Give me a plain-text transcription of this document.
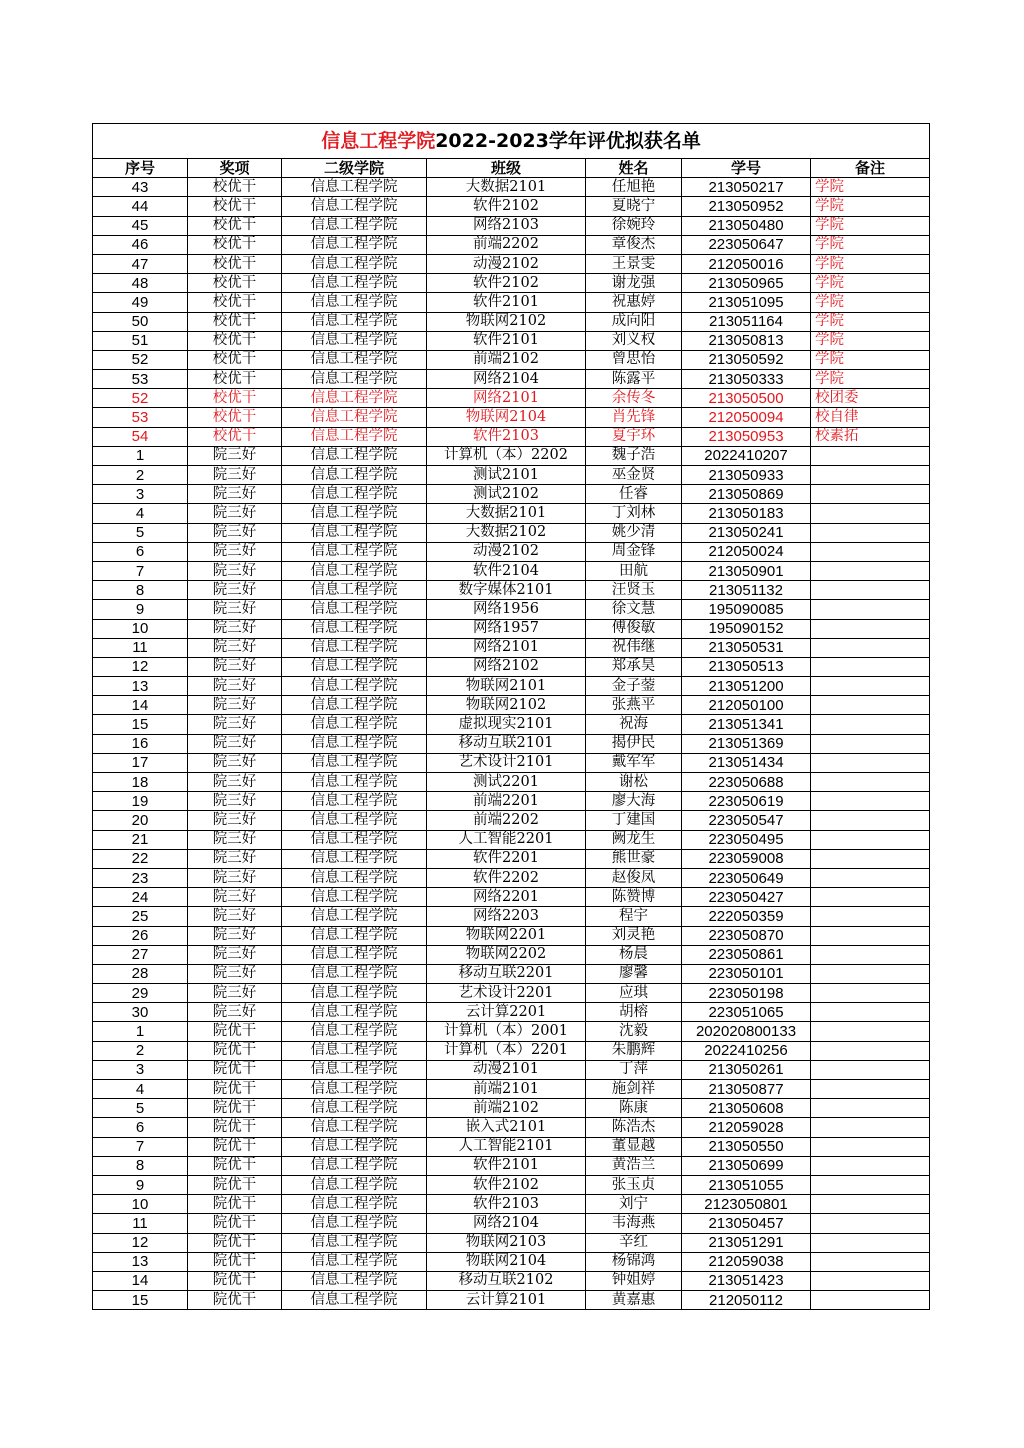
信息工程学院2022-2023学年评优拟获名单						
序号	奖项	二级学院	班级	姓名	学号	备注
43	校优干	信息工程学院	大数据2101	任旭艳	213050217	学院
44	校优干	信息工程学院	软件2102	夏晓宁	213050952	学院
45	校优干	信息工程学院	网络2103	徐婉玲	213050480	学院
46	校优干	信息工程学院	前端2202	章俊杰	223050647	学院
47	校优干	信息工程学院	动漫2102	王景雯	212050016	学院
48	校优干	信息工程学院	软件2102	谢龙强	213050965	学院
49	校优干	信息工程学院	软件2101	祝惠婷	213051095	学院
50	校优干	信息工程学院	物联网2102	成向阳	213051164	学院
51	校优干	信息工程学院	软件2101	刘义权	213050813	学院
52	校优干	信息工程学院	前端2102	曾思怡	213050592	学院
53	校优干	信息工程学院	网络2104	陈露平	213050333	学院
52	校优干	信息工程学院	网络2101	余传冬	213050500	校团委
53	校优干	信息工程学院	物联网2104	肖先锋	212050094	校自律
54	校优干	信息工程学院	软件2103	夏宇环	213050953	校素拓
1	院三好	信息工程学院	计算机（本）2202	魏子浩	2022410207	
2	院三好	信息工程学院	测试2101	巫金贤	213050933	
3	院三好	信息工程学院	测试2102	任睿	213050869	
4	院三好	信息工程学院	大数据2101	丁刘林	213050183	
5	院三好	信息工程学院	大数据2102	姚少清	213050241	
6	院三好	信息工程学院	动漫2102	周金锋	212050024	
7	院三好	信息工程学院	软件2104	田航	213050901	
8	院三好	信息工程学院	数字媒体2101	汪贤玉	213051132	
9	院三好	信息工程学院	网络1956	徐文慧	195090085	
10	院三好	信息工程学院	网络1957	傅俊敏	195090152	
11	院三好	信息工程学院	网络2101	祝伟继	213050531	
12	院三好	信息工程学院	网络2102	郑承昊	213050513	
13	院三好	信息工程学院	物联网2101	金子蓥	213051200	
14	院三好	信息工程学院	物联网2102	张燕平	212050100	
15	院三好	信息工程学院	虚拟现实2101	祝海	213051341	
16	院三好	信息工程学院	移动互联2101	揭伊民	213051369	
17	院三好	信息工程学院	艺术设计2101	戴军军	213051434	
18	院三好	信息工程学院	测试2201	谢松	223050688	
19	院三好	信息工程学院	前端2201	廖大海	223050619	
20	院三好	信息工程学院	前端2202	丁建国	223050547	
21	院三好	信息工程学院	人工智能2201	阙龙生	223050495	
22	院三好	信息工程学院	软件2201	熊世豪	223059008	
23	院三好	信息工程学院	软件2202	赵俊凤	223050649	
24	院三好	信息工程学院	网络2201	陈赞博	223050427	
25	院三好	信息工程学院	网络2203	程宇	222050359	
26	院三好	信息工程学院	物联网2201	刘灵艳	223050870	
27	院三好	信息工程学院	物联网2202	杨晨	223050861	
28	院三好	信息工程学院	移动互联2201	廖馨	223050101	
29	院三好	信息工程学院	艺术设计2201	应琪	223050198	
30	院三好	信息工程学院	云计算2201	胡榕	223051065	
1	院优干	信息工程学院	计算机（本）2001	沈毅	202020800133	
2	院优干	信息工程学院	计算机（本）2201	朱鹏辉	2022410256	
3	院优干	信息工程学院	动漫2101	丁萍	213050261	
4	院优干	信息工程学院	前端2101	施剑祥	213050877	
5	院优干	信息工程学院	前端2102	陈康	213050608	
6	院优干	信息工程学院	嵌入式2101	陈浩杰	212059028	
7	院优干	信息工程学院	人工智能2101	董显越	213050550	
8	院优干	信息工程学院	软件2101	黄浩兰	213050699	
9	院优干	信息工程学院	软件2102	张玉贞	213051055	
10	院优干	信息工程学院	软件2103	刘宁	2123050801	
11	院优干	信息工程学院	网络2104	韦海燕	213050457	
12	院优干	信息工程学院	物联网2103	辛红	213051291	
13	院优干	信息工程学院	物联网2104	杨锦鸿	212059038	
14	院优干	信息工程学院	移动互联2102	钟姐婷	213051423	
15	院优干	信息工程学院	云计算2101	黄嘉惠	212050112	
